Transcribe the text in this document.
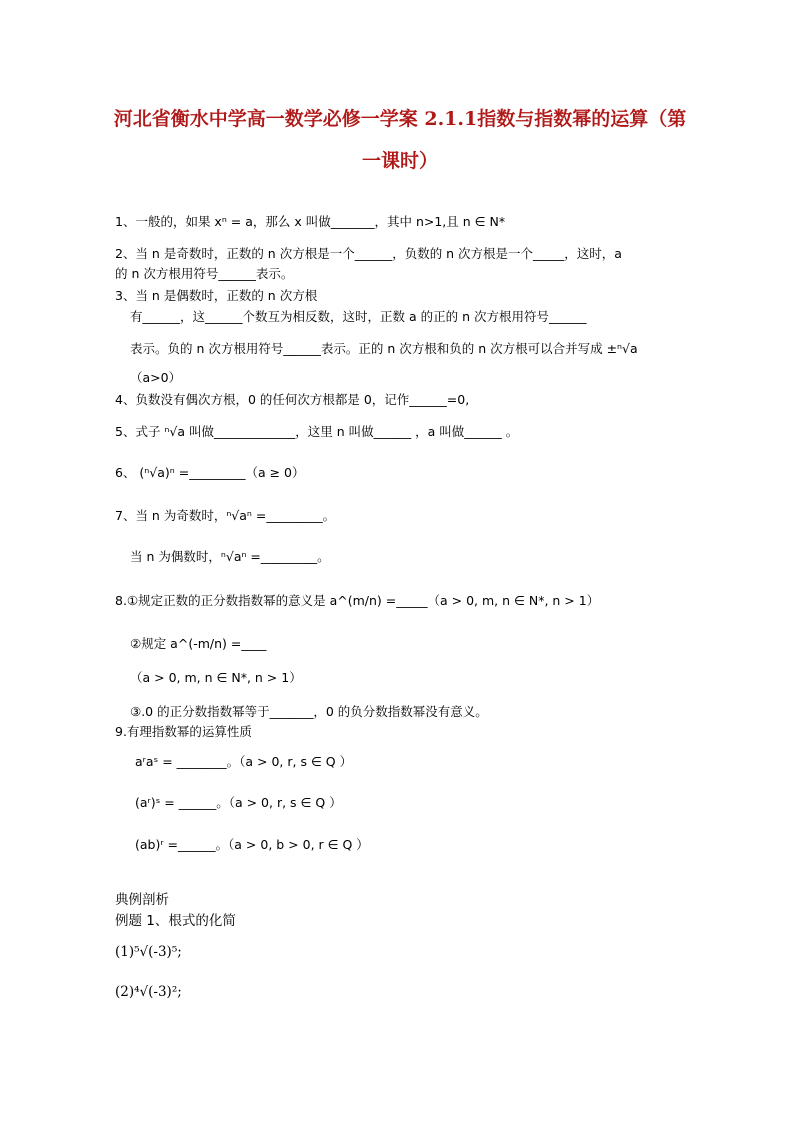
河北省衡水中学高一数学必修一学案 2.1.1指数与指数幂的运算（第
一课时）
1、一般的，如果 xⁿ = a，那么 x 叫做_______，其中 n>1,且 n ∈ N*
2、当 n 是奇数时，正数的 n 次方根是一个______，负数的 n 次方根是一个_____，这时，a
的 n 次方根用符号______表示。
3、当 n 是偶数时，正数的 n 次方根
有______，这______个数互为相反数，这时，正数 a 的正的 n 次方根用符号______
表示。负的 n 次方根用符号______表示。正的 n 次方根和负的 n 次方根可以合并写成 ±ⁿ√a
（a>0）
4、负数没有偶次方根，0 的任何次方根都是 0，记作______=0,
5、式子 ⁿ√a 叫做_____________，这里 n 叫做______ ，a 叫做______ 。
6、 (ⁿ√a)ⁿ =_________（a ≥ 0）
7、当 n 为奇数时，ⁿ√aⁿ =_________。
当 n 为偶数时，ⁿ√aⁿ =_________。
8.①规定正数的正分数指数幂的意义是 a^(m/n) =_____（a > 0, m, n ∈ N*, n > 1）
②规定 a^(-m/n) =____
（a > 0, m, n ∈ N*, n > 1）
③.0 的正分数指数幂等于_______，0 的负分数指数幂没有意义。
9.有理指数幂的运算性质
aʳaˢ = ________。（a > 0, r, s ∈ Q ）
(aʳ)ˢ = ______。（a > 0, r, s ∈ Q ）
(ab)ʳ =______。（a > 0, b > 0, r ∈ Q ）
典例剖析
例题 1、根式的化简
(1)⁵√(-3)⁵;
(2)⁴√(-3)²;
